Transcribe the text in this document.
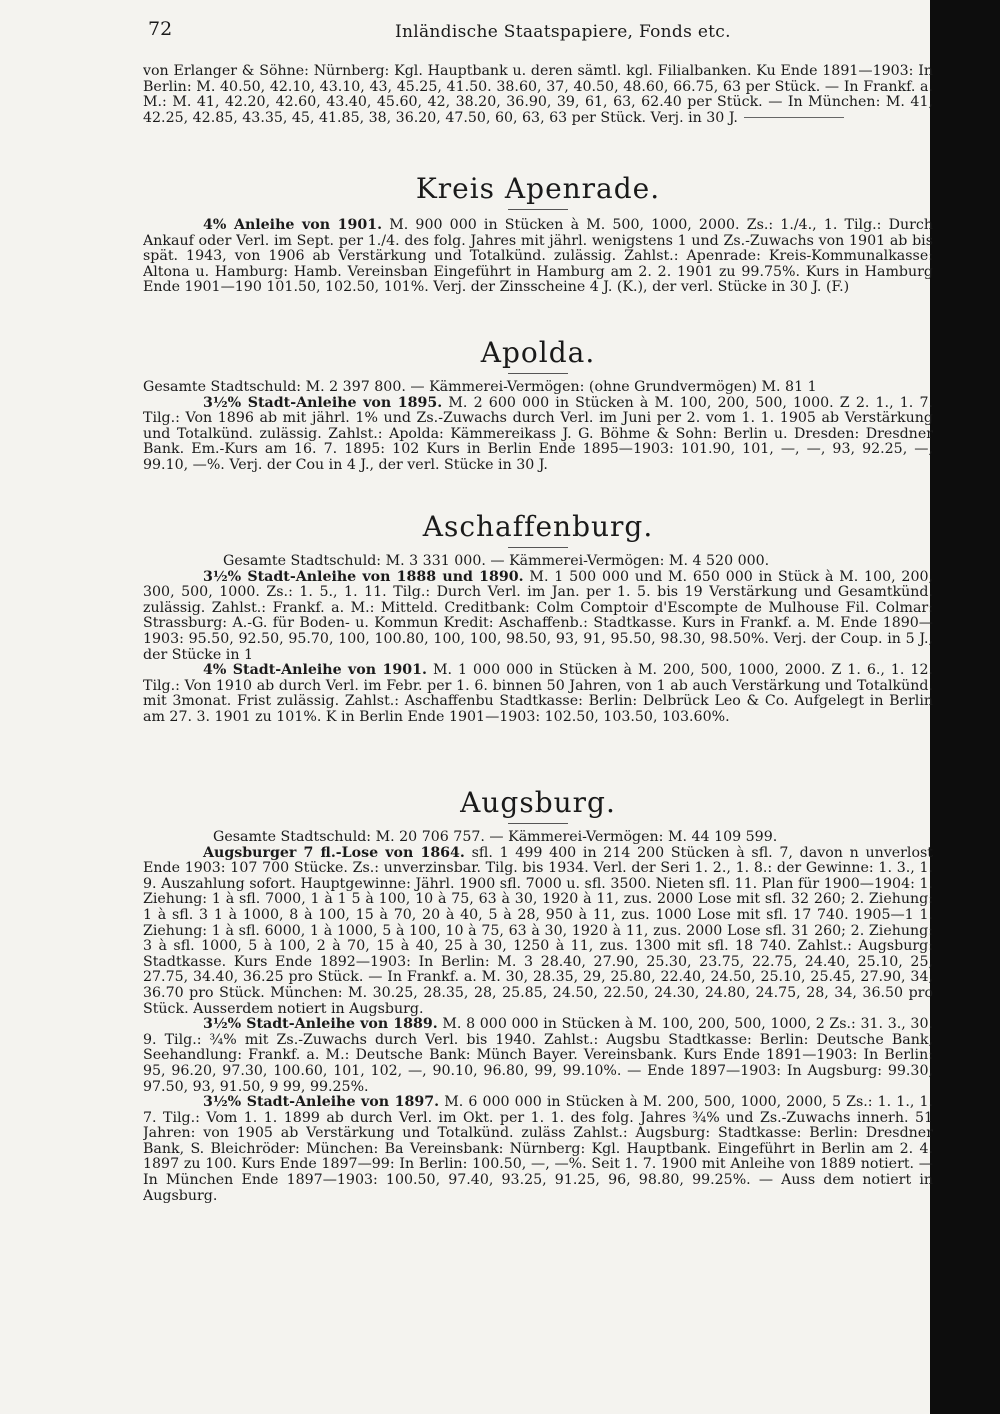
72	Inländische Staatspapiere, Fonds etc.

von Erlanger & Söhne: Nürnberg: Kgl. Hauptbank u. deren sämtl. kgl. Filialbanken. Ku Ende 1891—1903: In Berlin: M. 40.50, 42.10, 43.10, 43, 45.25, 41.50. 38.60, 37, 40.50, 48.60, 66.75, 63 per Stück. — In Frankf. a. M.: M. 41, 42.20, 42.60, 43.40, 45.60, 42, 38.20, 36.90, 39, 61, 63, 62.40 per Stück. — In München: M. 41, 42.25, 42.85, 43.35, 45, 41.85, 38, 36.20, 47.50, 60, 63, 63 per Stück. Verj. in 30 J.

Kreis Apenrade.

4% Anleihe von 1901. M. 900 000 in Stücken à M. 500, 1000, 2000. Zs.: 1./4., 1. Tilg.: Durch Ankauf oder Verl. im Sept. per 1./4. des folg. Jahres mit jährl. wenigstens 1 und Zs.-Zuwachs von 1901 ab bis spät. 1943, von 1906 ab Verstärkung und Totalkünd. zulässig. Zahlst.: Apenrade: Kreis-Kommunalkasse: Altona u. Hamburg: Hamb. Vereinsban Eingeführt in Hamburg am 2. 2. 1901 zu 99.75%. Kurs in Hamburg Ende 1901—190 101.50, 102.50, 101%. Verj. der Zinsscheine 4 J. (K.), der verl. Stücke in 30 J. (F.)

Apolda.

Gesamte Stadtschuld: M. 2 397 800. — Kämmerei-Vermögen: (ohne Grundvermögen) M. 81 1

3½% Stadt-Anleihe von 1895. M. 2 600 000 in Stücken à M. 100, 200, 500, 1000. Z 2. 1., 1. 7. Tilg.: Von 1896 ab mit jährl. 1% und Zs.-Zuwachs durch Verl. im Juni per 2. vom 1. 1. 1905 ab Verstärkung und Totalkünd. zulässig. Zahlst.: Apolda: Kämmereikass J. G. Böhme & Sohn: Berlin u. Dresden: Dresdner Bank. Em.-Kurs am 16. 7. 1895: 102 Kurs in Berlin Ende 1895—1903: 101.90, 101, —, —, 93, 92.25, —, 99.10, —%. Verj. der Cou in 4 J., der verl. Stücke in 30 J.

Aschaffenburg.

Gesamte Stadtschuld: M. 3 331 000. — Kämmerei-Vermögen: M. 4 520 000.

3½% Stadt-Anleihe von 1888 und 1890. M. 1 500 000 und M. 650 000 in Stück à M. 100, 200, 300, 500, 1000. Zs.: 1. 5., 1. 11. Tilg.: Durch Verl. im Jan. per 1. 5. bis 19 Verstärkung und Gesamtkünd. zulässig. Zahlst.: Frankf. a. M.: Mitteld. Creditbank: Colm Comptoir d'Escompte de Mulhouse Fil. Colmar: Strassburg: A.-G. für Boden- u. Kommun Kredit: Aschaffenb.: Stadtkasse. Kurs in Frankf. a. M. Ende 1890—1903: 95.50, 92.50, 95.70, 100, 100.80, 100, 100, 98.50, 93, 91, 95.50, 98.30, 98.50%. Verj. der Coup. in 5 J., der Stücke in 1

4% Stadt-Anleihe von 1901. M. 1 000 000 in Stücken à M. 200, 500, 1000, 2000. Z 1. 6., 1. 12. Tilg.: Von 1910 ab durch Verl. im Febr. per 1. 6. binnen 50 Jahren, von 1 ab auch Verstärkung und Totalkünd. mit 3monat. Frist zulässig. Zahlst.: Aschaffenbu Stadtkasse: Berlin: Delbrück Leo & Co. Aufgelegt in Berlin am 27. 3. 1901 zu 101%. K in Berlin Ende 1901—1903: 102.50, 103.50, 103.60%.

Augsburg.

Gesamte Stadtschuld: M. 20 706 757. — Kämmerei-Vermögen: M. 44 109 599.

Augsburger 7 fl.-Lose von 1864. sfl. 1 499 400 in 214 200 Stücken à sfl. 7, davon n unverlost Ende 1903: 107 700 Stücke. Zs.: unverzinsbar. Tilg. bis 1934. Verl. der Seri 1. 2., 1. 8.: der Gewinne: 1. 3., 1. 9. Auszahlung sofort. Hauptgewinne: Jährl. 1900 sfl. 7000 u. sfl. 3500. Nieten sfl. 11. Plan für 1900—1904: 1. Ziehung: 1 à sfl. 7000, 1 à 1 5 à 100, 10 à 75, 63 à 30, 1920 à 11, zus. 2000 Lose mit sfl. 32 260; 2. Ziehung: 1 à sfl. 3 1 à 1000, 8 à 100, 15 à 70, 20 à 40, 5 à 28, 950 à 11, zus. 1000 Lose mit sfl. 17 740. 1905—1 1. Ziehung: 1 à sfl. 6000, 1 à 1000, 5 à 100, 10 à 75, 63 à 30, 1920 à 11, zus. 2000 Lose sfl. 31 260; 2. Ziehung: 3 à sfl. 1000, 5 à 100, 2 à 70, 15 à 40, 25 à 30, 1250 à 11, zus. 1300 mit sfl. 18 740. Zahlst.: Augsburg: Stadtkasse. Kurs Ende 1892—1903: In Berlin: M. 3 28.40, 27.90, 25.30, 23.75, 22.75, 24.40, 25.10, 25, 27.75, 34.40, 36.25 pro Stück. — In Frankf. a. M. 30, 28.35, 29, 25.80, 22.40, 24.50, 25.10, 25.45, 27.90, 34, 36.70 pro Stück. München: M. 30.25, 28.35, 28, 25.85, 24.50, 22.50, 24.30, 24.80, 24.75, 28, 34, 36.50 pro Stück. Ausserdem notiert in Augsburg.

3½% Stadt-Anleihe von 1889. M. 8 000 000 in Stücken à M. 100, 200, 500, 1000, 2 Zs.: 31. 3., 30. 9. Tilg.: ¾% mit Zs.-Zuwachs durch Verl. bis 1940. Zahlst.: Augsbu Stadtkasse: Berlin: Deutsche Bank, Seehandlung: Frankf. a. M.: Deutsche Bank: Münch Bayer. Vereinsbank. Kurs Ende 1891—1903: In Berlin: 95, 96.20, 97.30, 100.60, 101, 102, —, 90.10, 96.80, 99, 99.10%. — Ende 1897—1903: In Augsburg: 99.30, 97.50, 93, 91.50, 9 99, 99.25%.

3½% Stadt-Anleihe von 1897. M. 6 000 000 in Stücken à M. 200, 500, 1000, 2000, 5 Zs.: 1. 1., 1. 7. Tilg.: Vom 1. 1. 1899 ab durch Verl. im Okt. per 1. 1. des folg. Jahres ¾% und Zs.-Zuwachs innerh. 51 Jahren: von 1905 ab Verstärkung und Totalkünd. zuläss Zahlst.: Augsburg: Stadtkasse: Berlin: Dresdner Bank, S. Bleichröder: München: Ba Vereinsbank: Nürnberg: Kgl. Hauptbank. Eingeführt in Berlin am 2. 4. 1897 zu 100. Kurs Ende 1897—99: In Berlin: 100.50, —, —%. Seit 1. 7. 1900 mit Anleihe von 1889 notiert. — In München Ende 1897—1903: 100.50, 97.40, 93.25, 91.25, 96, 98.80, 99.25%. — Auss dem notiert in Augsburg.
